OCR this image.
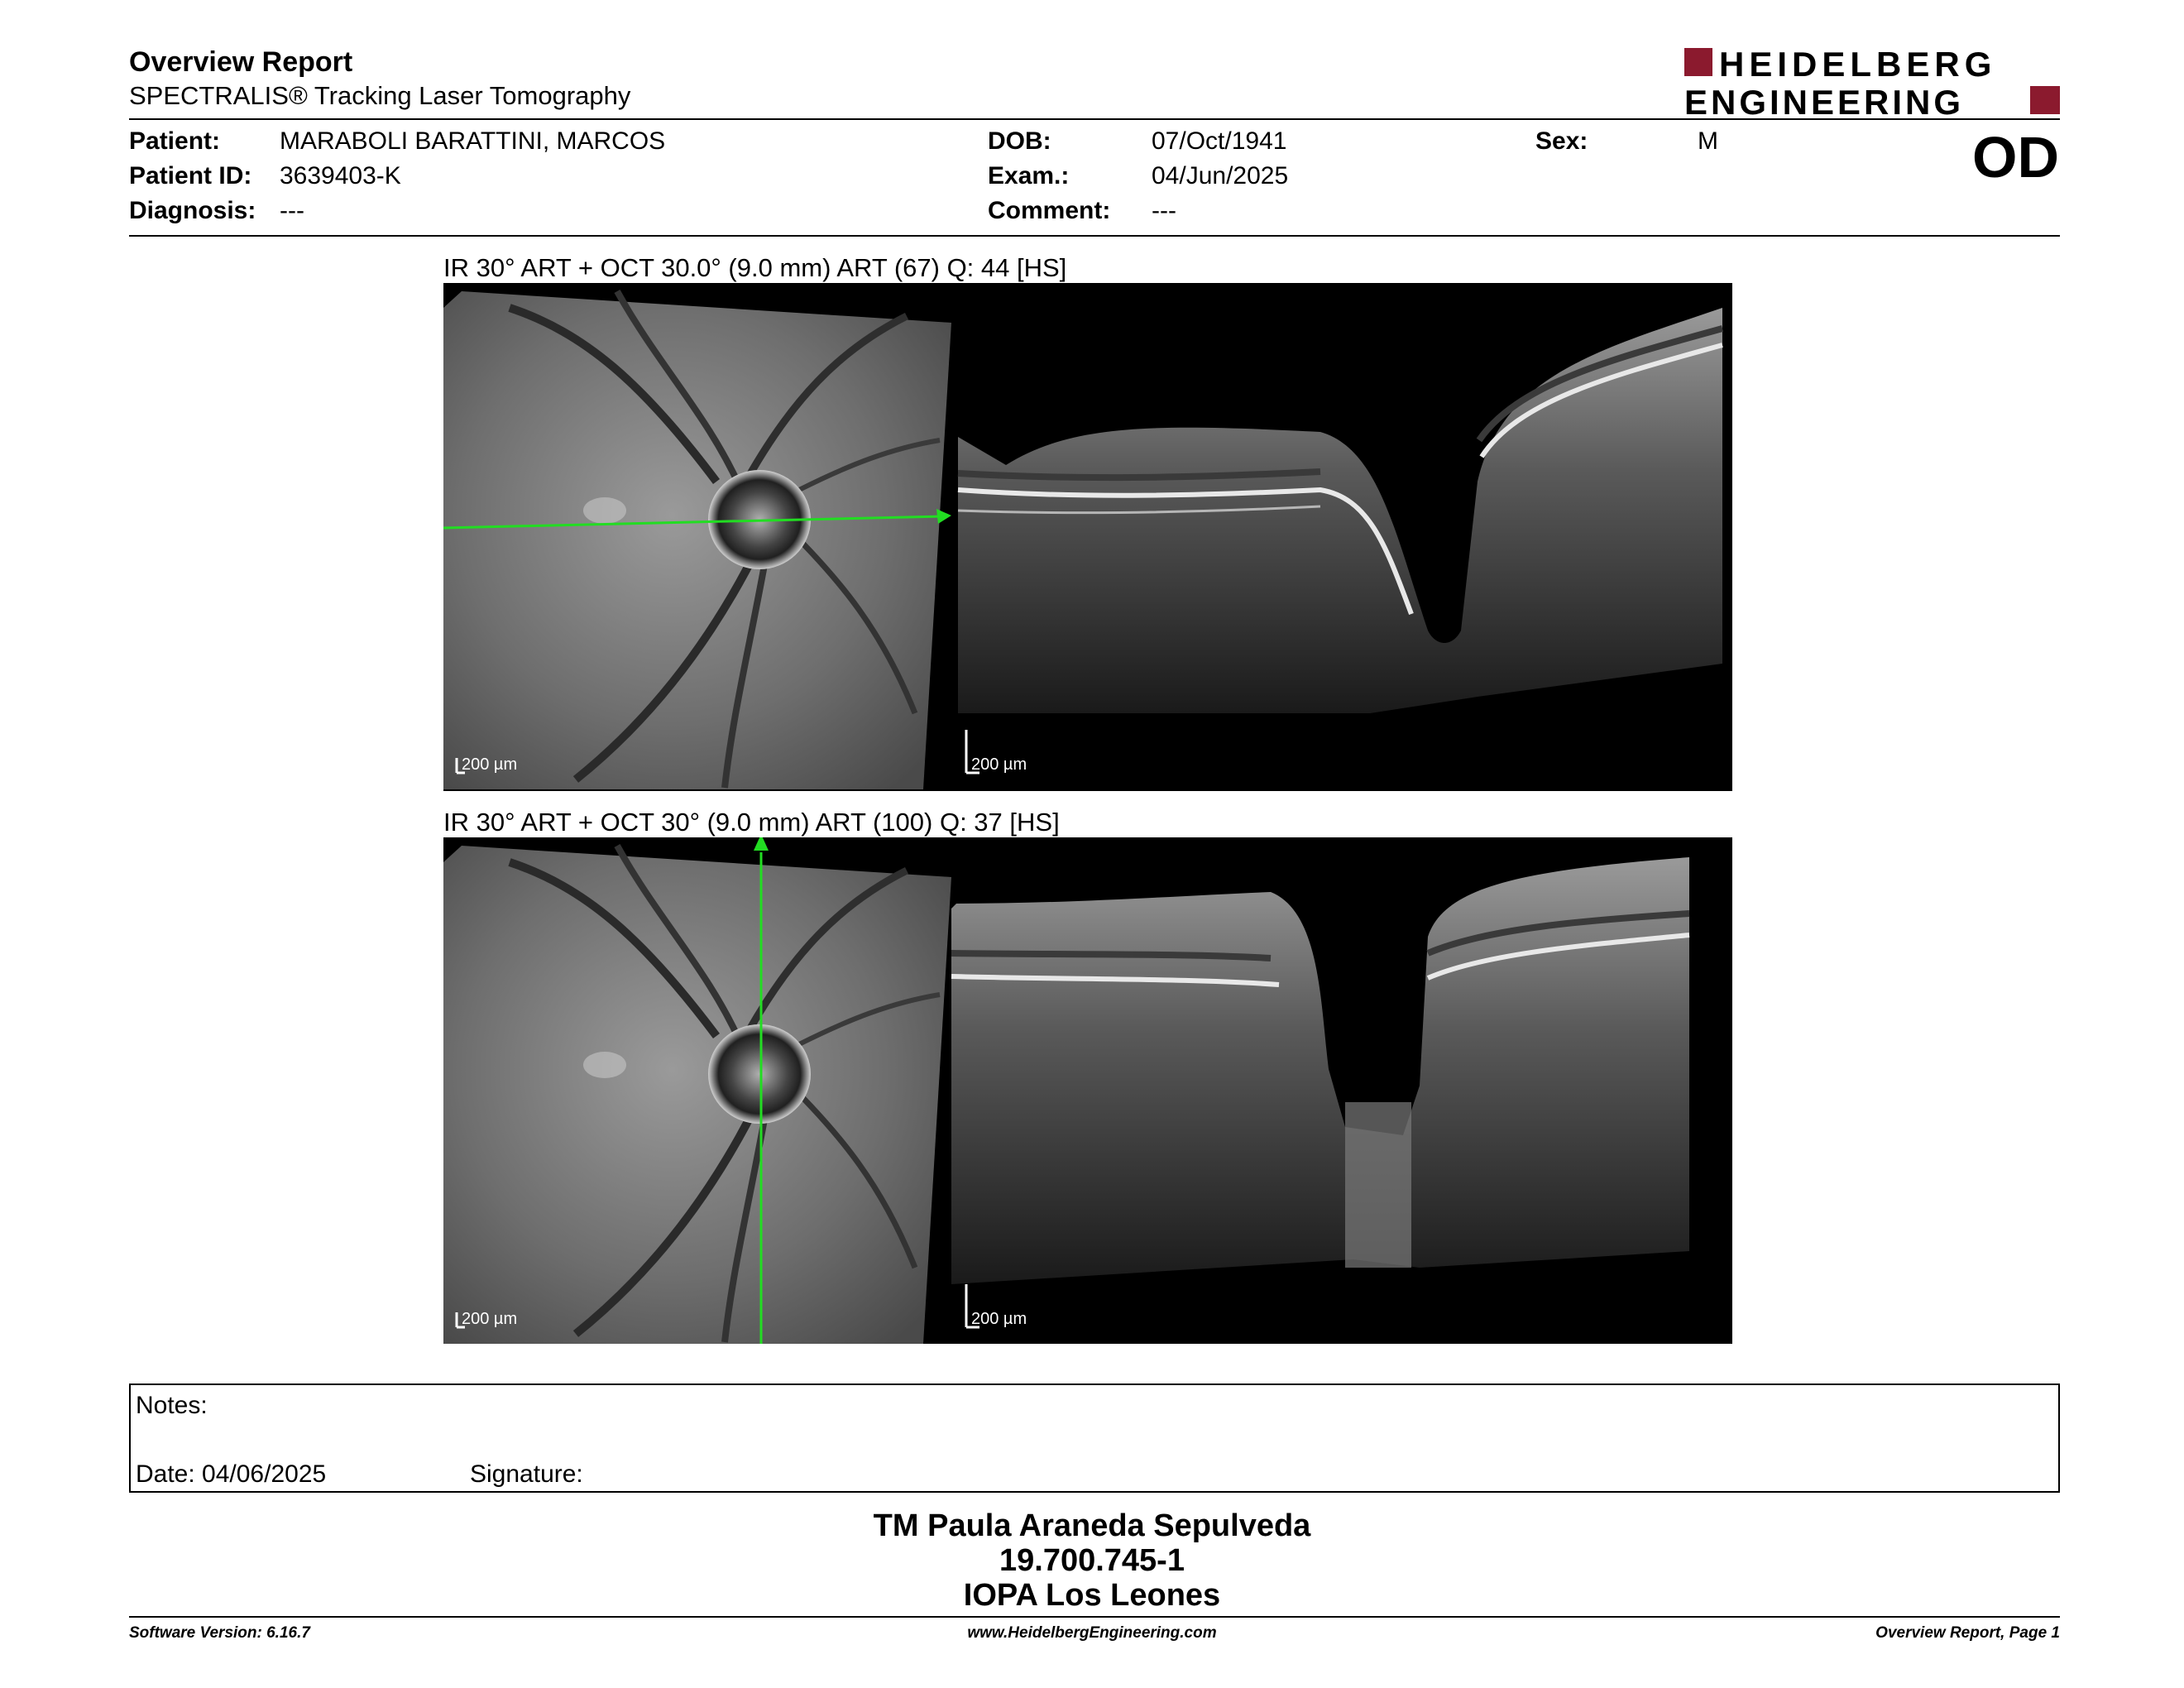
Overview Report
SPECTRALIS® Tracking Laser Tomography
HEIDELBERG
ENGINEERING
Patient: MARABOLI BARATTINI, MARCOS
Patient ID: 3639403-K
Diagnosis: ---
DOB:	07/Oct/1941
Exam.:	04/Jun/2025
Comment: ---
Sex:	M	OD
IR 30° ART + OCT 30.0° (9.0 mm) ART (67) Q: 44 [HS]
200 µm	200 µm
IR 30° ART + OCT 30° (9.0 mm) ART (100) Q: 37 [HS]
200 µm	200 µm
Notes:
Date: 04/06/2025	Signature:
TM Paula Araneda Sepulveda
19.700.745-1
IOPA Los Leones
Software Version: 6.16.7	www.HeidelbergEngineering.com	Overview Report, Page 1
